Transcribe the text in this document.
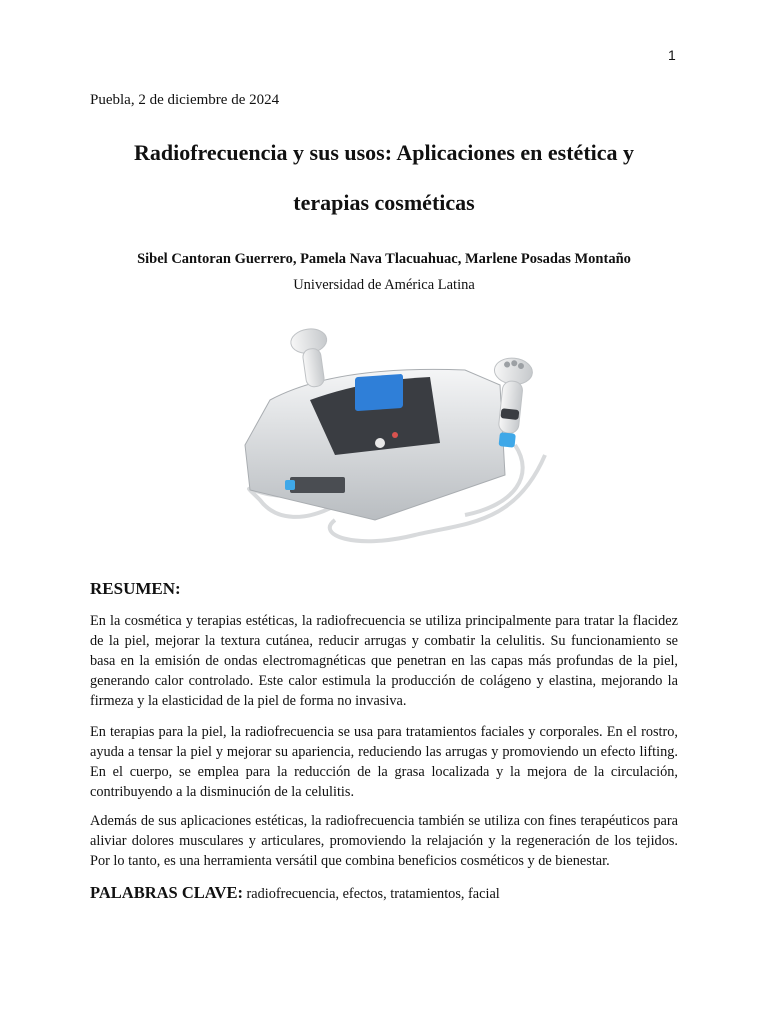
1
Puebla, 2 de diciembre de 2024
Radiofrecuencia y sus usos: Aplicaciones en estética y
terapias cosméticas
Sibel Cantoran Guerrero, Pamela Nava Tlacuahuac, Marlene Posadas Montaño
Universidad de América Latina
RESUMEN:

En la cosmética y terapias estéticas, la radiofrecuencia se utiliza principalmente para tratar la flacidez de la piel, mejorar la textura cutánea, reducir arrugas y combatir la celulitis. Su funcionamiento se basa en la emisión de ondas electromagnéticas que penetran en las capas más profundas de la piel, generando calor controlado. Este calor estimula la producción de colágeno y elastina, mejorando la firmeza y la elasticidad de la piel de forma no invasiva.

En terapias para la piel, la radiofrecuencia se usa para tratamientos faciales y corporales. En el rostro, ayuda a tensar la piel y mejorar su apariencia, reduciendo las arrugas y promoviendo un efecto lifting. En el cuerpo, se emplea para la reducción de la grasa localizada y la mejora de la circulación, contribuyendo a la disminución de la celulitis.

Además de sus aplicaciones estéticas, la radiofrecuencia también se utiliza con fines terapéuticos para aliviar dolores musculares y articulares, promoviendo la relajación y la regeneración de los tejidos. Por lo tanto, es una herramienta versátil que combina beneficios cosméticos y de bienestar.

PALABRAS CLAVE: radiofrecuencia, efectos, tratamientos, facial
